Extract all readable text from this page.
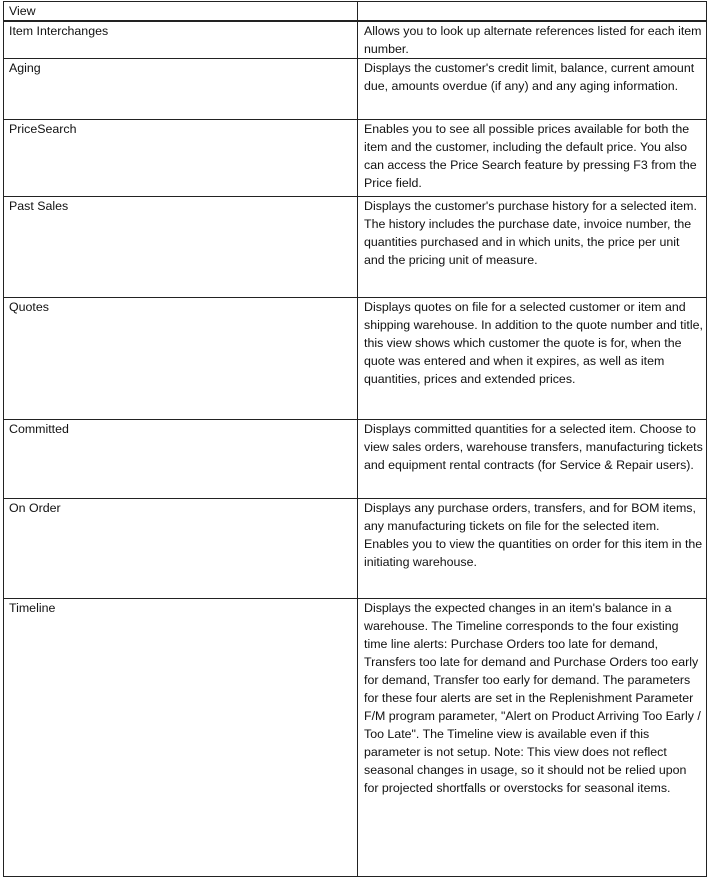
View	
Item Interchanges	Allows you to look up alternate references listed for each item number.
Aging	Displays the customer's credit limit, balance, current amount due, amounts overdue (if any) and any aging information.
PriceSearch	Enables you to see all possible prices available for both the item and the customer, including the default price. You also can access the Price Search feature by pressing F3 from the Price field.
Past Sales	Displays the customer's purchase history for a selected item. The history includes the purchase date, invoice number, the quantities purchased and in which units, the price per unit and the pricing unit of measure.
Quotes	Displays quotes on file for a selected customer or item and shipping warehouse. In addition to the quote number and title, this view shows which customer the quote is for, when the quote was entered and when it expires, as well as item quantities, prices and extended prices.
Committed	Displays committed quantities for a selected item. Choose to view sales orders, warehouse transfers, manufacturing tickets and equipment rental contracts (for Service & Repair users).
On Order	Displays any purchase orders, transfers, and for BOM items, any manufacturing tickets on file for the selected item. Enables you to view the quantities on order for this item in the initiating warehouse.
Timeline	Displays the expected changes in an item's balance in a warehouse. The Timeline corresponds to the four existing time line alerts: Purchase Orders too late for demand, Transfers too late for demand and Purchase Orders too early for demand, Transfer too early for demand. The parameters for these four alerts are set in the Replenishment Parameter F/M program parameter, "Alert on Product Arriving Too Early / Too Late". The Timeline view is available even if this parameter is not setup. Note: This view does not reflect seasonal changes in usage, so it should not be relied upon for projected shortfalls or overstocks for seasonal items.
